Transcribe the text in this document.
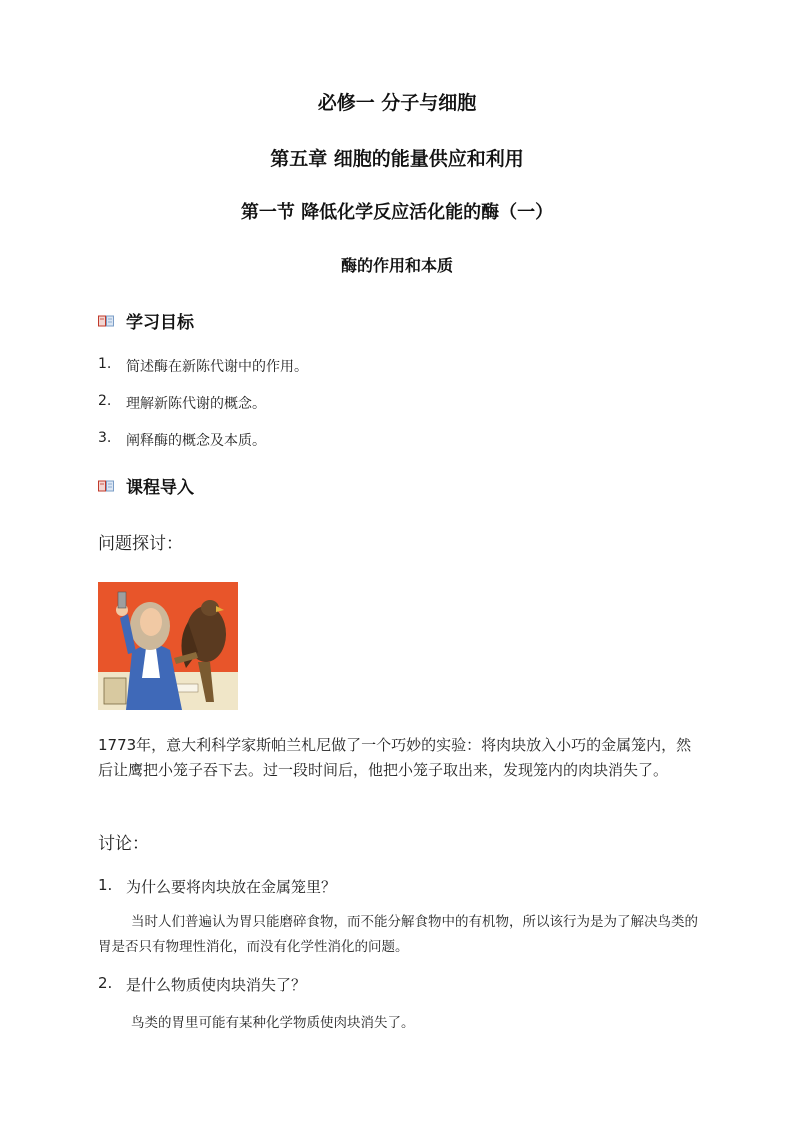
必修一 分子与细胞
第五章 细胞的能量供应和利用
第一节 降低化学反应活化能的酶（一）
酶的作用和本质
学习目标
1.	简述酶在新陈代谢中的作用。
2.	理解新陈代谢的概念。
3.	阐释酶的概念及本质。
课程导入
问题探讨：
1773年，意大利科学家斯帕兰札尼做了一个巧妙的实验：将肉块放入小巧的金属笼内，然后让鹰把小笼子吞下去。过一段时间后，他把小笼子取出来，发现笼内的肉块消失了。
讨论：
1. 为什么要将肉块放在金属笼里？
当时人们普遍认为胃只能磨碎食物，而不能分解食物中的有机物，所以该行为是为了解决鸟类的胃是否只有物理性消化，而没有化学性消化的问题。
2. 是什么物质使肉块消失了？
鸟类的胃里可能有某种化学物质使肉块消失了。
